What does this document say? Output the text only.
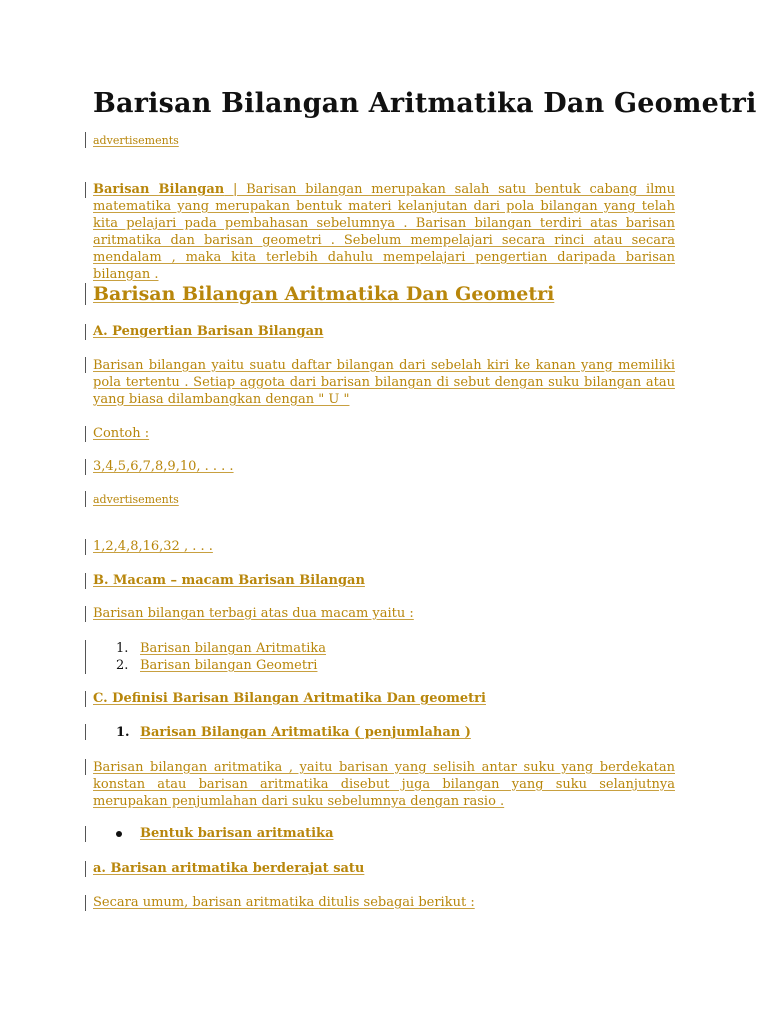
Barisan Bilangan Aritmatika Dan Geometri
advertisements
Barisan Bilangan | Barisan bilangan merupakan salah satu bentuk cabang ilmu matematika yang merupakan bentuk materi kelanjutan dari pola bilangan yang telah kita pelajari pada pembahasan sebelumnya . Barisan bilangan terdiri atas barisan aritmatika dan barisan geometri . Sebelum mempelajari secara rinci atau secara mendalam , maka kita terlebih dahulu mempelajari pengertian daripada barisan bilangan .
Barisan Bilangan Aritmatika Dan Geometri
A. Pengertian Barisan Bilangan
Barisan bilangan yaitu suatu daftar bilangan dari sebelah kiri ke kanan yang memiliki pola tertentu . Setiap aggota dari barisan bilangan di sebut dengan suku bilangan atau yang biasa dilambangkan dengan " U "
Contoh :
3,4,5,6,7,8,9,10, . . . .
advertisements
1,2,4,8,16,32 , . . .
B. Macam – macam Barisan Bilangan
Barisan bilangan terbagi atas dua macam yaitu :
1. Barisan bilangan Aritmatika
2. Barisan bilangan Geometri
C. Definisi Barisan Bilangan Aritmatika Dan geometri
1. Barisan Bilangan Aritmatika ( penjumlahan )
Barisan bilangan aritmatika , yaitu barisan yang selisih antar suku yang berdekatan konstan atau barisan aritmatika disebut juga bilangan yang suku selanjutnya merupakan penjumlahan dari suku sebelumnya dengan rasio .
Bentuk barisan aritmatika
a. Barisan aritmatika berderajat satu
Secara umum, barisan aritmatika ditulis sebagai berikut :
